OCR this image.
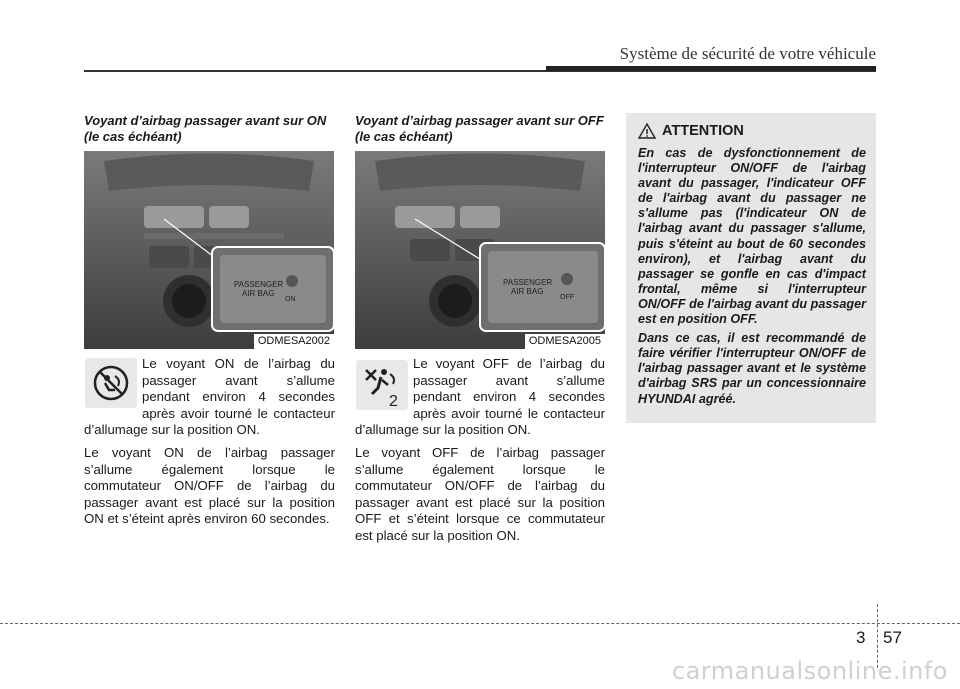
Système de sécurité de votre véhicule
Voyant d’airbag passager avant sur ON (le cas échéant)
PASSENGER
AIR BAG
ON
ODMESA2002

Le voyant ON de l’airbag du passager avant s’allume pendant environ 4 secondes après avoir tourné le contacteur d’allumage sur la position ON.

Le voyant ON de l’airbag passager s’allume également lorsque le commutateur ON/OFF de l’airbag du passager avant est placé sur la position ON et s’éteint après environ 60 secondes.

Voyant d’airbag passager avant sur OFF (le cas échéant)
PASSENGER
AIR BAG
OFF
ODMESA2005
2

Le voyant OFF de l’airbag du passager avant s’allume pendant environ 4 secondes après avoir tourné le contacteur d’allumage sur la position ON.

Le voyant OFF de l’airbag passager s’allume également lorsque le commutateur ON/OFF de l’airbag du passager avant est placé sur la position OFF et s’éteint lorsque ce commutateur est placé sur la position ON.

ATTENTION

En cas de dysfonctionnement de l'interrupteur ON/OFF de l'airbag avant du passager, l'indicateur OFF de l'airbag avant du passager ne s'allume pas (l'indicateur ON de l'airbag avant du passager s'allume, puis s'éteint au bout de 60 secondes environ), et l'airbag avant du passager se gonfle en cas d'impact frontal, même si l'interrupteur ON/OFF de l'airbag avant du passager est en position OFF.

Dans ce cas, il est recommandé de faire vérifier l'interrupteur ON/OFF de l'airbag passager avant et le système d'airbag SRS par un concessionnaire HYUNDAI agréé.

3 57
carmanualsonline.info
